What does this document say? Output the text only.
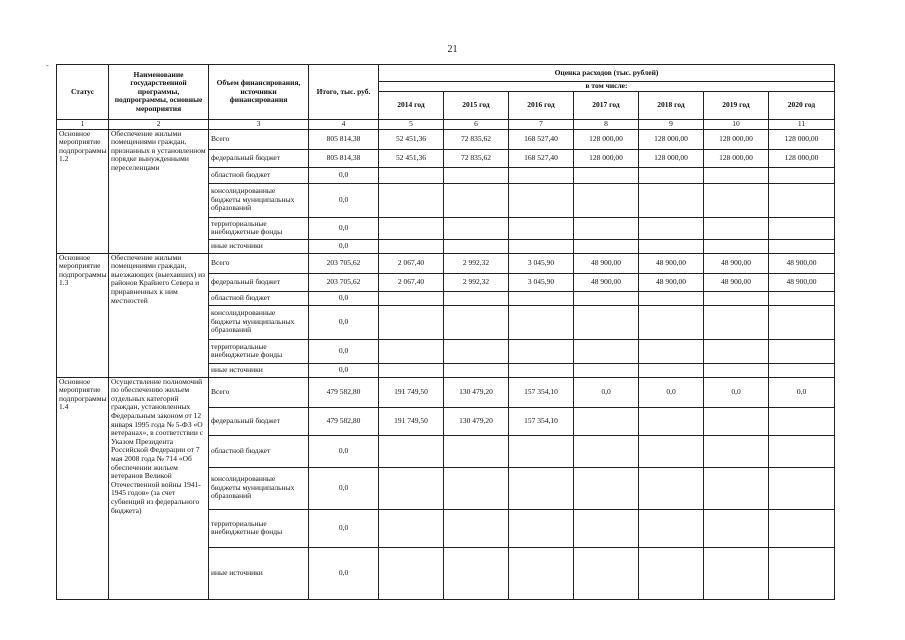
21
-
Статус	Наименование государственной программы, подпрограммы, основные мероприятия	Объем финансирования, источники финансирования	Итого, тыс. руб.	Оценка расходов (тыс. рублей)						
				в том числе:						
				2014 год	2015 год	2016 год	2017 год	2018 год	2019 год	2020 год
1	2	3	4	5	6	7	8	9	10	11
Основное мероприятие подпрограммы 1.2	Обеспечение жилыми помещениями граждан, признанных в установленном порядке вынужденными переселенцами	Всего	805 814,38	52 451,36	72 835,62	168 527,40	128 000,00	128 000,00	128 000,00	128 000,00
		федеральный бюджет	805 814,38	52 451,36	72 835,62	168 527,40	128 000,00	128 000,00	128 000,00	128 000,00
		областной бюджет	0,0							
		консолидированные бюджеты муниципальных образований	0,0							
		территориальные внебюджетные фонды	0,0							
		иные источники	0,0							
Основное мероприятие подпрограммы 1.3	Обеспечение жилыми помещениями граждан, выезжающих (выехавших) из районов Крайнего Севера и приравненных к ним местностей	Всего	203 705,62	2 067,40	2 992,32	3 045,90	48 900,00	48 900,00	48 900,00	48 900,00
		федеральный бюджет	203 705,62	2 067,40	2 992,32	3 045,90	48 900,00	48 900,00	48 900,00	48 900,00
		областной бюджет	0,0							
		консолидированные бюджеты муниципальных образований	0,0							
		территориальные внебюджетные фонды	0,0							
		иные источники	0,0							
Основное мероприятие подпрограммы 1.4	Осуществление полномочий по обеспечению жильем отдельных категорий граждан, установленных Федеральным законом от 12 января 1995 года № 5-ФЗ «О ветеранах», в соответствии с Указом Президента Российской Федерации от 7 мая 2008 года № 714 «Об обеспечении жильем ветеранов Великой Отечественной войны 1941-1945 годов» (за счет субвенций из федерального бюджета)	Всего	479 582,80	191 749,50	130 479,20	157 354,10	0,0	0,0	0,0	0,0
		федеральный бюджет	479 582,80	191 749,50	130 479,20	157 354,10				
		областной бюджет	0,0							
		консолидированные бюджеты муниципальных образований	0,0							
		территориальные внебюджетные фонды	0,0							
		иные источники	0,0							
